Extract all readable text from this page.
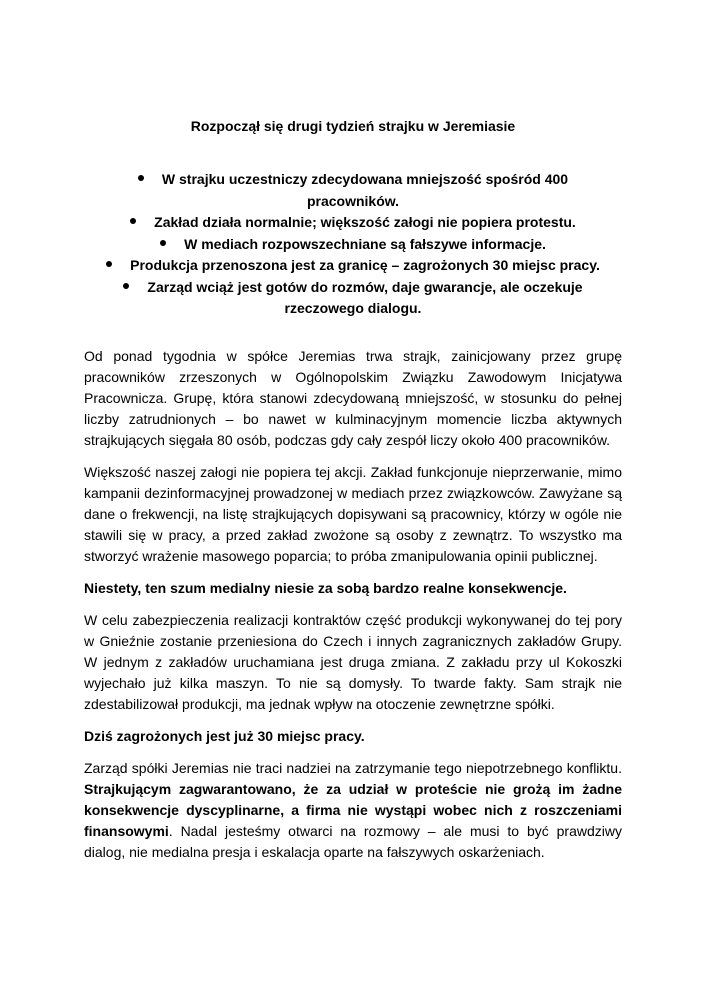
Rozpoczął się drugi tydzień strajku w Jeremiasie
W strajku uczestniczy zdecydowana mniejszość spośród 400 pracowników.
Zakład działa normalnie; większość załogi nie popiera protestu.
W mediach rozpowszechniane są fałszywe informacje.
Produkcja przenoszona jest za granicę – zagrożonych 30 miejsc pracy.
Zarząd wciąż jest gotów do rozmów, daje gwarancje, ale oczekuje rzeczowego dialogu.

Od ponad tygodnia w spółce Jeremias trwa strajk, zainicjowany przez grupę pracowników zrzeszonych w Ogólnopolskim Związku Zawodowym Inicjatywa Pracownicza. Grupę, która stanowi zdecydowaną mniejszość, w stosunku do pełnej liczby zatrudnionych – bo nawet w kulminacyjnym momencie liczba aktywnych strajkujących sięgała 80 osób, podczas gdy cały zespół liczy około 400 pracowników.

Większość naszej załogi nie popiera tej akcji. Zakład funkcjonuje nieprzerwanie, mimo kampanii dezinformacyjnej prowadzonej w mediach przez związkowców. Zawyżane są dane o frekwencji, na listę strajkujących dopisywani są pracownicy, którzy w ogóle nie stawili się w pracy, a przed zakład zwożone są osoby z zewnątrz. To wszystko ma stworzyć wrażenie masowego poparcia; to próba zmanipulowania opinii publicznej.

Niestety, ten szum medialny niesie za sobą bardzo realne konsekwencje.

W celu zabezpieczenia realizacji kontraktów część produkcji wykonywanej do tej pory w Gnieźnie zostanie przeniesiona do Czech i innych zagranicznych zakładów Grupy. W jednym z zakładów uruchamiana jest druga zmiana. Z zakładu przy ul Kokoszki wyjechało już kilka maszyn. To nie są domysły. To twarde fakty. Sam strajk nie zdestabilizował produkcji, ma jednak wpływ na otoczenie zewnętrzne spółki.

Dziś zagrożonych jest już 30 miejsc pracy.

Zarząd spółki Jeremias nie traci nadziei na zatrzymanie tego niepotrzebnego konfliktu. Strajkującym zagwarantowano, że za udział w proteście nie grożą im żadne konsekwencje dyscyplinarne, a firma nie wystąpi wobec nich z roszczeniami finansowymi. Nadal jesteśmy otwarci na rozmowy – ale musi to być prawdziwy dialog, nie medialna presja i eskalacja oparte na fałszywych oskarżeniach.
